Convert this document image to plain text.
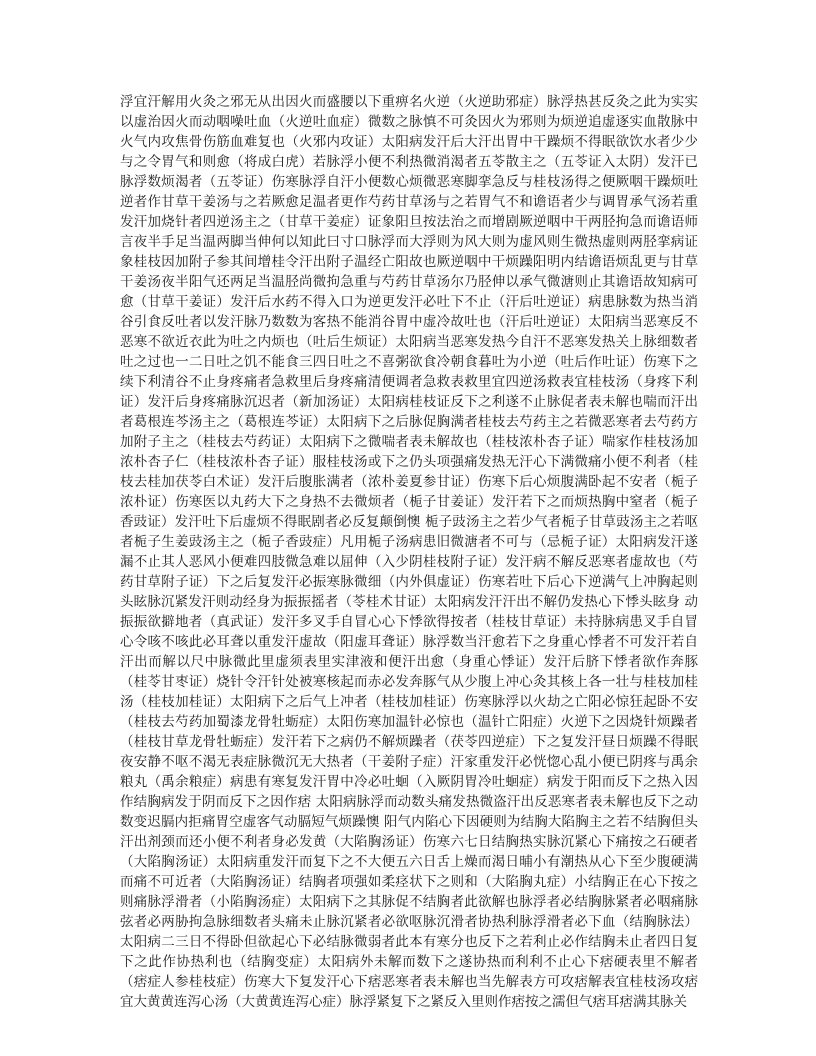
浮宜汗解用火灸之邪无从出因火而盛腰以下重痹名火逆（火逆助邪症）脉浮热甚反灸之此为实实以虚治因火而动咽噪吐血（火逆吐血症）微数之脉慎不可灸因火为邪则为烦逆追虚逐实血散脉中火气内攻焦骨伤筋血难复也（火邪内攻证）太阳病发汗后大汗出胃中干躁烦不得眠欲饮水者少少与之令胃气和则愈（将成白虎）若脉浮小便不利热微消渴者五苓散主之（五苓证入太阴）发汗已脉浮数烦渴者（五苓证）伤寒脉浮自汗小便数心烦微恶寒脚挛急反与桂枝汤得之便厥咽干躁烦吐逆者作甘草干姜汤与之若厥愈足温者更作芍药甘草汤与之若胃气不和谵语者少与调胃承气汤若重发汗加烧针者四逆汤主之（甘草干姜症）证象阳旦按法治之而增剧厥逆咽中干两胫拘急而谵语师言夜半手足当温两脚当伸何以知此曰寸口脉浮而大浮则为风大则为虚风则生微热虚则两胫挛病证象桂枝因加附子参其间增桂令汗出附子温经亡阳故也厥逆咽中干烦躁阳明内结谵语烦乱更与甘草干姜汤夜半阳气还两足当温胫尚微拘急重与芍药甘草汤尔乃胫伸以承气微溏则止其谵语故知病可愈（甘草干姜证）发汗后水药不得入口为逆更发汗必吐下不止（汗后吐逆证）病患脉数为热当消谷引食反吐者以发汗脉乃数数为客热不能消谷胃中虚冷故吐也（汗后吐逆证）太阳病当恶寒反不恶寒不欲近衣此为吐之内烦也（吐后生烦证）太阳病当恶寒发热今自汗不恶寒发热关上脉细数者吐之过也一二日吐之饥不能食三四日吐之不喜粥欲食冷朝食暮吐为小逆（吐后作吐证）伤寒下之续下利清谷不止身疼痛者急救里后身疼痛清便调者急救表救里宜四逆汤救表宜桂枝汤（身疼下利证）发汗后身疼痛脉沉迟者（新加汤证）太阳病桂枝证反下之利遂不止脉促者表未解也喘而汗出者葛根连芩汤主之（葛根连芩证）太阳病下之后脉促胸满者桂枝去芍药主之若微恶寒者去芍药方加附子主之（桂枝去芍药证）太阳病下之微喘者表未解故也（桂枝浓朴杏子证）喘家作桂枝汤加浓朴杏子仁（桂枝浓朴杏子证）服桂枝汤或下之仍头项强痛发热无汗心下满微痛小便不利者（桂枝去桂加茯苓白术证）发汗后腹胀满者（浓朴姜夏参甘证）伤寒下后心烦腹满卧起不安者（栀子浓朴证）伤寒医以丸药大下之身热不去微烦者（栀子甘姜证）发汗若下之而烦热胸中窒者（栀子香豉证）发汗吐下后虚烦不得眠剧者必反复颠倒懊 栀子豉汤主之若少气者栀子甘草豉汤主之若呕者栀子生姜豉汤主之（栀子香豉症）凡用栀子汤病患旧微溏者不可与（忌栀子证）太阳病发汗遂漏不止其人恶风小便难四肢微急难以屈伸（入少阴桂枝附子证）发汗病不解反恶寒者虚故也（芍药甘草附子证）下之后复发汗必振寒脉微细（内外俱虚证）伤寒若吐下后心下逆满气上冲胸起则头眩脉沉紧发汗则动经身为振振摇者（苓桂术甘证）太阳病发汗汗出不解仍发热心下悸头眩身 动振振欲擗地者（真武证）发汗多叉手自冒心心下悸欲得按者（桂枝甘草证）未持脉病患叉手自冒心令咳不咳此必耳聋以重发汗虚故（阳虚耳聋证）脉浮数当汗愈若下之身重心悸者不可发汗若自汗出而解以尺中脉微此里虚须表里实津液和便汗出愈（身重心悸证）发汗后脐下悸者欲作奔豚（桂苓甘枣证）烧针令汗针处被寒核起而赤必发奔豚气从少腹上冲心灸其核上各一壮与桂枝加桂汤（桂枝加桂证）太阳病下之后气上冲者（桂枝加桂证）伤寒脉浮以火劫之亡阳必惊狂起卧不安（桂枝去芍药加蜀漆龙骨牡蛎症）太阳伤寒加温针必惊也（温针亡阳症）火逆下之因烧针烦躁者（桂枝甘草龙骨牡蛎症）发汗若下之病仍不解烦躁者（茯苓四逆症）下之复发汗昼日烦躁不得眠夜安静不呕不渴无表症脉微沉无大热者（干姜附子症）汗家重发汗必恍惚心乱小便已阴疼与禹余粮丸（禹余粮症）病患有寒复发汗胃中冷必吐蛔（入厥阴胃冷吐蛔症）病发于阳而反下之热入因作结胸病发于阴而反下之因作痞 太阳病脉浮而动数头痛发热微盗汗出反恶寒者表未解也反下之动数变迟膈内拒痛胃空虚客气动膈短气烦躁懊 阳气内陷心下因硬则为结胸大陷胸主之若不结胸但头汗出剂颈而还小便不利者身必发黄（大陷胸汤证）伤寒六七日结胸热实脉沉紧心下痛按之石硬者（大陷胸汤证）太阳病重发汗而复下之不大便五六日舌上燥而渴日晡小有潮热从心下至少腹硬满而痛不可近者（大陷胸汤证）结胸者项强如柔痉状下之则和（大陷胸丸症）小结胸正在心下按之则痛脉浮滑者（小陷胸汤症）太阳病下之其脉促不结胸者此欲解也脉浮者必结胸脉紧者必咽痛脉弦者必两胁拘急脉细数者头痛未止脉沉紧者必欲呕脉沉滑者协热利脉浮滑者必下血（结胸脉法）太阳病二三日不得卧但欲起心下必结脉微弱者此本有寒分也反下之若利止必作结胸未止者四日复下之此作协热利也（结胸变症）太阳病外未解而数下之遂协热而利利不止心下痞硬表里不解者（痞症人参桂枝症）伤寒大下复发汗心下痞恶寒者表未解也当先解表方可攻痞解表宜桂枝汤攻痞宜大黄黄连泻心汤（大黄黄连泻心症）脉浮紧复下之紧反入里则作痞按之濡但气痞耳痞满其脉关
